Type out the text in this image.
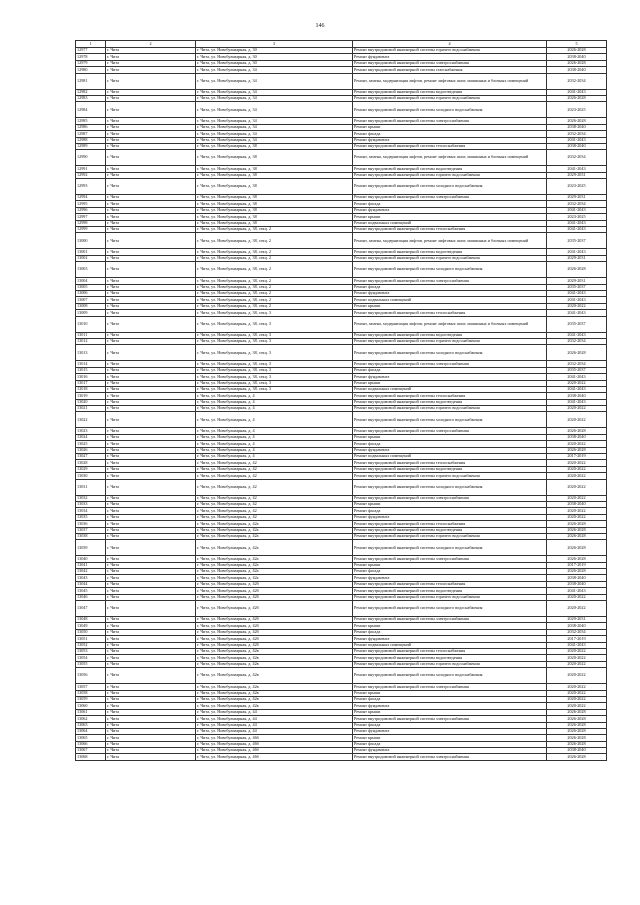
146
1	2	3	4	5
12977	г. Чита	г. Чита, ул. Новобульварная, д. 30	Ремонт внутридомовой инженерной системы горячего водоснабжения	2026-2028
12978	г. Чита	г. Чита, ул. Новобульварная, д. 30	Ремонт фундамента	2038-2040
12979	г. Чита	г. Чита, ул. Новобульварная, д. 30	Ремонт внутридомовой инженерной системы электроснабжения	2026-2028
12980	г. Чита	г. Чита, ул. Новобульварная, д. 34	Ремонт внутридомовой инженерной системы газоснабжения	2038-2040
12981	г. Чита	г. Чита, ул. Новобульварная, д. 34	Ремонт, замена, модернизация лифтов, ремонт лифтовых шахт, машинных и блочных помещений	2032-2034
12982	г. Чита	г. Чита, ул. Новобульварная, д. 34	Ремонт внутридомовой инженерной системы водоотведения	2041-2043
12983	г. Чита	г. Чита, ул. Новобульварная, д. 34	Ремонт внутридомовой инженерной системы горячего водоснабжения	2026-2028
12984	г. Чита	г. Чита, ул. Новобульварная, д. 34	Ремонт внутридомовой инженерной системы холодного водоснабжения	2023-2025
12985	г. Чита	г. Чита, ул. Новобульварная, д. 34	Ремонт внутридомовой инженерной системы электроснабжения	2026-2028
12986	г. Чита	г. Чита, ул. Новобульварная, д. 34	Ремонт крыши	2038-2040
12987	г. Чита	г. Чита, ул. Новобульварная, д. 34	Ремонт фасада	2032-2034
12988	г. Чита	г. Чита, ул. Новобульварная, д. 34	Ремонт фундамента	2041-2043
12989	г. Чита	г. Чита, ул. Новобульварная, д. 38	Ремонт внутридомовой инженерной системы теплоснабжения	2038-2040
12990	г. Чита	г. Чита, ул. Новобульварная, д. 38	Ремонт, замена, модернизация лифтов, ремонт лифтовых шахт, машинных и блочных помещений	2032-2034
12991	г. Чита	г. Чита, ул. Новобульварная, д. 38	Ремонт внутридомовой инженерной системы водоотведения	2041-2043
12992	г. Чита	г. Чита, ул. Новобульварная, д. 38	Ремонт внутридомовой инженерной системы горячего водоснабжения	2029-2031
12993	г. Чита	г. Чита, ул. Новобульварная, д. 38	Ремонт внутридомовой инженерной системы холодного водоснабжения	2023-2025
12994	г. Чита	г. Чита, ул. Новобульварная, д. 38	Ремонт внутридомовой инженерной системы электроснабжения	2029-2031
12995	г. Чита	г. Чита, ул. Новобульварная, д. 38	Ремонт фасада	2032-2034
12996	г. Чита	г. Чита, ул. Новобульварная, д. 38	Ремонт фундамента	2041-2043
12997	г. Чита	г. Чита, ул. Новобульварная, д. 38	Ремонт крыши	2023-2025
12998	г. Чита	г. Чита, ул. Новобульварная, д. 38	Ремонт подвальных помещений	2041-2043
12999	г. Чита	г. Чита, ул. Новобульварная, д. 38, секц. 2	Ремонт внутридомовой инженерной системы теплоснабжения	2041-2043
13000	г. Чита	г. Чита, ул. Новобульварная, д. 38, секц. 2	Ремонт, замена, модернизация лифтов, ремонт лифтовых шахт, машинных и блочных помещений	2035-2037
13001	г. Чита	г. Чита, ул. Новобульварная, д. 38, секц. 2	Ремонт внутридомовой инженерной системы водоотведения	2041-2043
13002	г. Чита	г. Чита, ул. Новобульварная, д. 38, секц. 2	Ремонт внутридомовой инженерной системы горячего водоснабжения	2029-2031
13003	г. Чита	г. Чита, ул. Новобульварная, д. 38, секц. 2	Ремонт внутридомовой инженерной системы холодного водоснабжения	2026-2028
13004	г. Чита	г. Чита, ул. Новобульварная, д. 38, секц. 2	Ремонт внутридомовой инженерной системы электроснабжения	2029-2031
13005	г. Чита	г. Чита, ул. Новобульварная, д. 38, секц. 2	Ремонт фасада	2035-2037
13006	г. Чита	г. Чита, ул. Новобульварная, д. 38, секц. 2	Ремонт фундамента	2041-2043
13007	г. Чита	г. Чита, ул. Новобульварная, д. 38, секц. 2	Ремонт подвальных помещений	2041-2043
13008	г. Чита	г. Чита, ул. Новобульварная, д. 38, секц. 2	Ремонт крыши	2020-2022
13009	г. Чита	г. Чита, ул. Новобульварная, д. 38, секц. 3	Ремонт внутридомовой инженерной системы теплоснабжения	2041-2043
13010	г. Чита	г. Чита, ул. Новобульварная, д. 38, секц. 3	Ремонт, замена, модернизация лифтов, ремонт лифтовых шахт, машинных и блочных помещений	2035-2037
13011	г. Чита	г. Чита, ул. Новобульварная, д. 38, секц. 3	Ремонт внутридомовой инженерной системы водоотведения	2041-2043
13012	г. Чита	г. Чита, ул. Новобульварная, д. 38, секц. 3	Ремонт внутридомовой инженерной системы горячего водоснабжения	2032-2034
13013	г. Чита	г. Чита, ул. Новобульварная, д. 38, секц. 3	Ремонт внутридомовой инженерной системы холодного водоснабжения	2026-2028
13014	г. Чита	г. Чита, ул. Новобульварная, д. 38, секц. 3	Ремонт внутридомовой инженерной системы электроснабжения	2032-2034
13015	г. Чита	г. Чита, ул. Новобульварная, д. 38, секц. 3	Ремонт фасада	2035-2037
13016	г. Чита	г. Чита, ул. Новобульварная, д. 38, секц. 3	Ремонт фундамента	2041-2043
13017	г. Чита	г. Чита, ул. Новобульварная, д. 38, секц. 3	Ремонт крыши	2020-2022
13018	г. Чита	г. Чита, ул. Новобульварная, д. 38, секц. 3	Ремонт подвальных помещений	2041-2043
13019	г. Чита	г. Чита, ул. Новобульварная, д. 4	Ремонт внутридомовой инженерной системы теплоснабжения	2038-2040
13020	г. Чита	г. Чита, ул. Новобульварная, д. 4	Ремонт внутридомовой инженерной системы водоотведения	2041-2043
13021	г. Чита	г. Чита, ул. Новобульварная, д. 4	Ремонт внутридомовой инженерной системы горячего водоснабжения	2020-2022
13022	г. Чита	г. Чита, ул. Новобульварная, д. 4	Ремонт внутридомовой инженерной системы холодного водоснабжения	2020-2022
13023	г. Чита	г. Чита, ул. Новобульварная, д. 4	Ремонт внутридомовой инженерной системы электроснабжения	2026-2028
13024	г. Чита	г. Чита, ул. Новобульварная, д. 4	Ремонт крыши	2038-2040
13025	г. Чита	г. Чита, ул. Новобульварная, д. 4	Ремонт фасада	2020-2022
13026	г. Чита	г. Чита, ул. Новобульварная, д. 4	Ремонт фундамента	2026-2028
13027	г. Чита	г. Чита, ул. Новобульварная, д. 4	Ремонт подвальных помещений	2017-2019
13028	г. Чита	г. Чита, ул. Новобульварная, д. 42	Ремонт внутридомовой инженерной системы теплоснабжения	2020-2022
13029	г. Чита	г. Чита, ул. Новобульварная, д. 42	Ремонт внутридомовой инженерной системы водоотведения	2020-2022
13030	г. Чита	г. Чита, ул. Новобульварная, д. 42	Ремонт внутридомовой инженерной системы горячего водоснабжения	2020-2022
13031	г. Чита	г. Чита, ул. Новобульварная, д. 42	Ремонт внутридомовой инженерной системы холодного водоснабжения	2020-2022
13032	г. Чита	г. Чита, ул. Новобульварная, д. 42	Ремонт внутридомовой инженерной системы электроснабжения	2020-2022
13033	г. Чита	г. Чита, ул. Новобульварная, д. 42	Ремонт крыши	2038-2040
13034	г. Чита	г. Чита, ул. Новобульварная, д. 42	Ремонт фасада	2020-2022
13035	г. Чита	г. Чита, ул. Новобульварная, д. 42	Ремонт фундамента	2020-2022
13036	г. Чита	г. Чита, ул. Новобульварная, д. 42а	Ремонт внутридомовой инженерной системы теплоснабжения	2026-2028
13037	г. Чита	г. Чита, ул. Новобульварная, д. 42а	Ремонт внутридомовой инженерной системы водоотведения	2026-2028
13038	г. Чита	г. Чита, ул. Новобульварная, д. 42а	Ремонт внутридомовой инженерной системы горячего водоснабжения	2026-2028
13039	г. Чита	г. Чита, ул. Новобульварная, д. 42а	Ремонт внутридомовой инженерной системы холодного водоснабжения	2026-2028
13040	г. Чита	г. Чита, ул. Новобульварная, д. 42а	Ремонт внутридомовой инженерной системы электроснабжения	2026-2028
13041	г. Чита	г. Чита, ул. Новобульварная, д. 42а	Ремонт крыши	2017-2019
13042	г. Чита	г. Чита, ул. Новобульварная, д. 42а	Ремонт фасада	2026-2028
13043	г. Чита	г. Чита, ул. Новобульварная, д. 42а	Ремонт фундамента	2038-2040
13044	г. Чита	г. Чита, ул. Новобульварная, д. 42б	Ремонт внутридомовой инженерной системы теплоснабжения	2038-2040
13045	г. Чита	г. Чита, ул. Новобульварная, д. 42б	Ремонт внутридомовой инженерной системы водоотведения	2041-2043
13046	г. Чита	г. Чита, ул. Новобульварная, д. 42б	Ремонт внутридомовой инженерной системы горячего водоснабжения	2020-2022
13047	г. Чита	г. Чита, ул. Новобульварная, д. 42б	Ремонт внутридомовой инженерной системы холодного водоснабжения	2020-2022
13048	г. Чита	г. Чита, ул. Новобульварная, д. 42б	Ремонт внутридомовой инженерной системы электроснабжения	2029-2031
13049	г. Чита	г. Чита, ул. Новобульварная, д. 42б	Ремонт крыши	2038-2040
13050	г. Чита	г. Чита, ул. Новобульварная, д. 42б	Ремонт фасада	2032-2034
13051	г. Чита	г. Чита, ул. Новобульварная, д. 42б	Ремонт фундамента	2017-2019
13052	г. Чита	г. Чита, ул. Новобульварная, д. 42б	Ремонт подвальных помещений	2041-2043
13053	г. Чита	г. Чита, ул. Новобульварная, д. 42в	Ремонт внутридомовой инженерной системы теплоснабжения	2020-2022
13054	г. Чита	г. Чита, ул. Новобульварная, д. 42в	Ремонт внутридомовой инженерной системы водоотведения	2020-2022
13055	г. Чита	г. Чита, ул. Новобульварная, д. 42в	Ремонт внутридомовой инженерной системы горячего водоснабжения	2020-2022
13056	г. Чита	г. Чита, ул. Новобульварная, д. 42в	Ремонт внутридомовой инженерной системы холодного водоснабжения	2020-2022
13057	г. Чита	г. Чита, ул. Новобульварная, д. 42в	Ремонт внутридомовой инженерной системы электроснабжения	2020-2022
13058	г. Чита	г. Чита, ул. Новобульварная, д. 42в	Ремонт крыши	2020-2022
13059	г. Чита	г. Чита, ул. Новобульварная, д. 42в	Ремонт фасада	2020-2022
13060	г. Чита	г. Чита, ул. Новобульварная, д. 42в	Ремонт фундамента	2020-2022
13061	г. Чита	г. Чита, ул. Новобульварная, д. 44	Ремонт крыши	2026-2028
13062	г. Чита	г. Чита, ул. Новобульварная, д. 44	Ремонт внутридомовой инженерной системы электроснабжения	2026-2028
13063	г. Чита	г. Чита, ул. Новобульварная, д. 44	Ремонт фасада	2026-2028
13064	г. Чита	г. Чита, ул. Новобульварная, д. 44	Ремонт фундамента	2026-2028
13065	г. Чита	г. Чита, ул. Новобульварная, д. 46б	Ремонт крыши	2026-2028
13066	г. Чита	г. Чита, ул. Новобульварная, д. 46б	Ремонт фасада	2026-2028
13067	г. Чита	г. Чита, ул. Новобульварная, д. 46б	Ремонт фундамента	2038-2040
13068	г. Чита	г. Чита, ул. Новобульварная, д. 46б	Ремонт внутридомовой инженерной системы электроснабжения	2026-2028
